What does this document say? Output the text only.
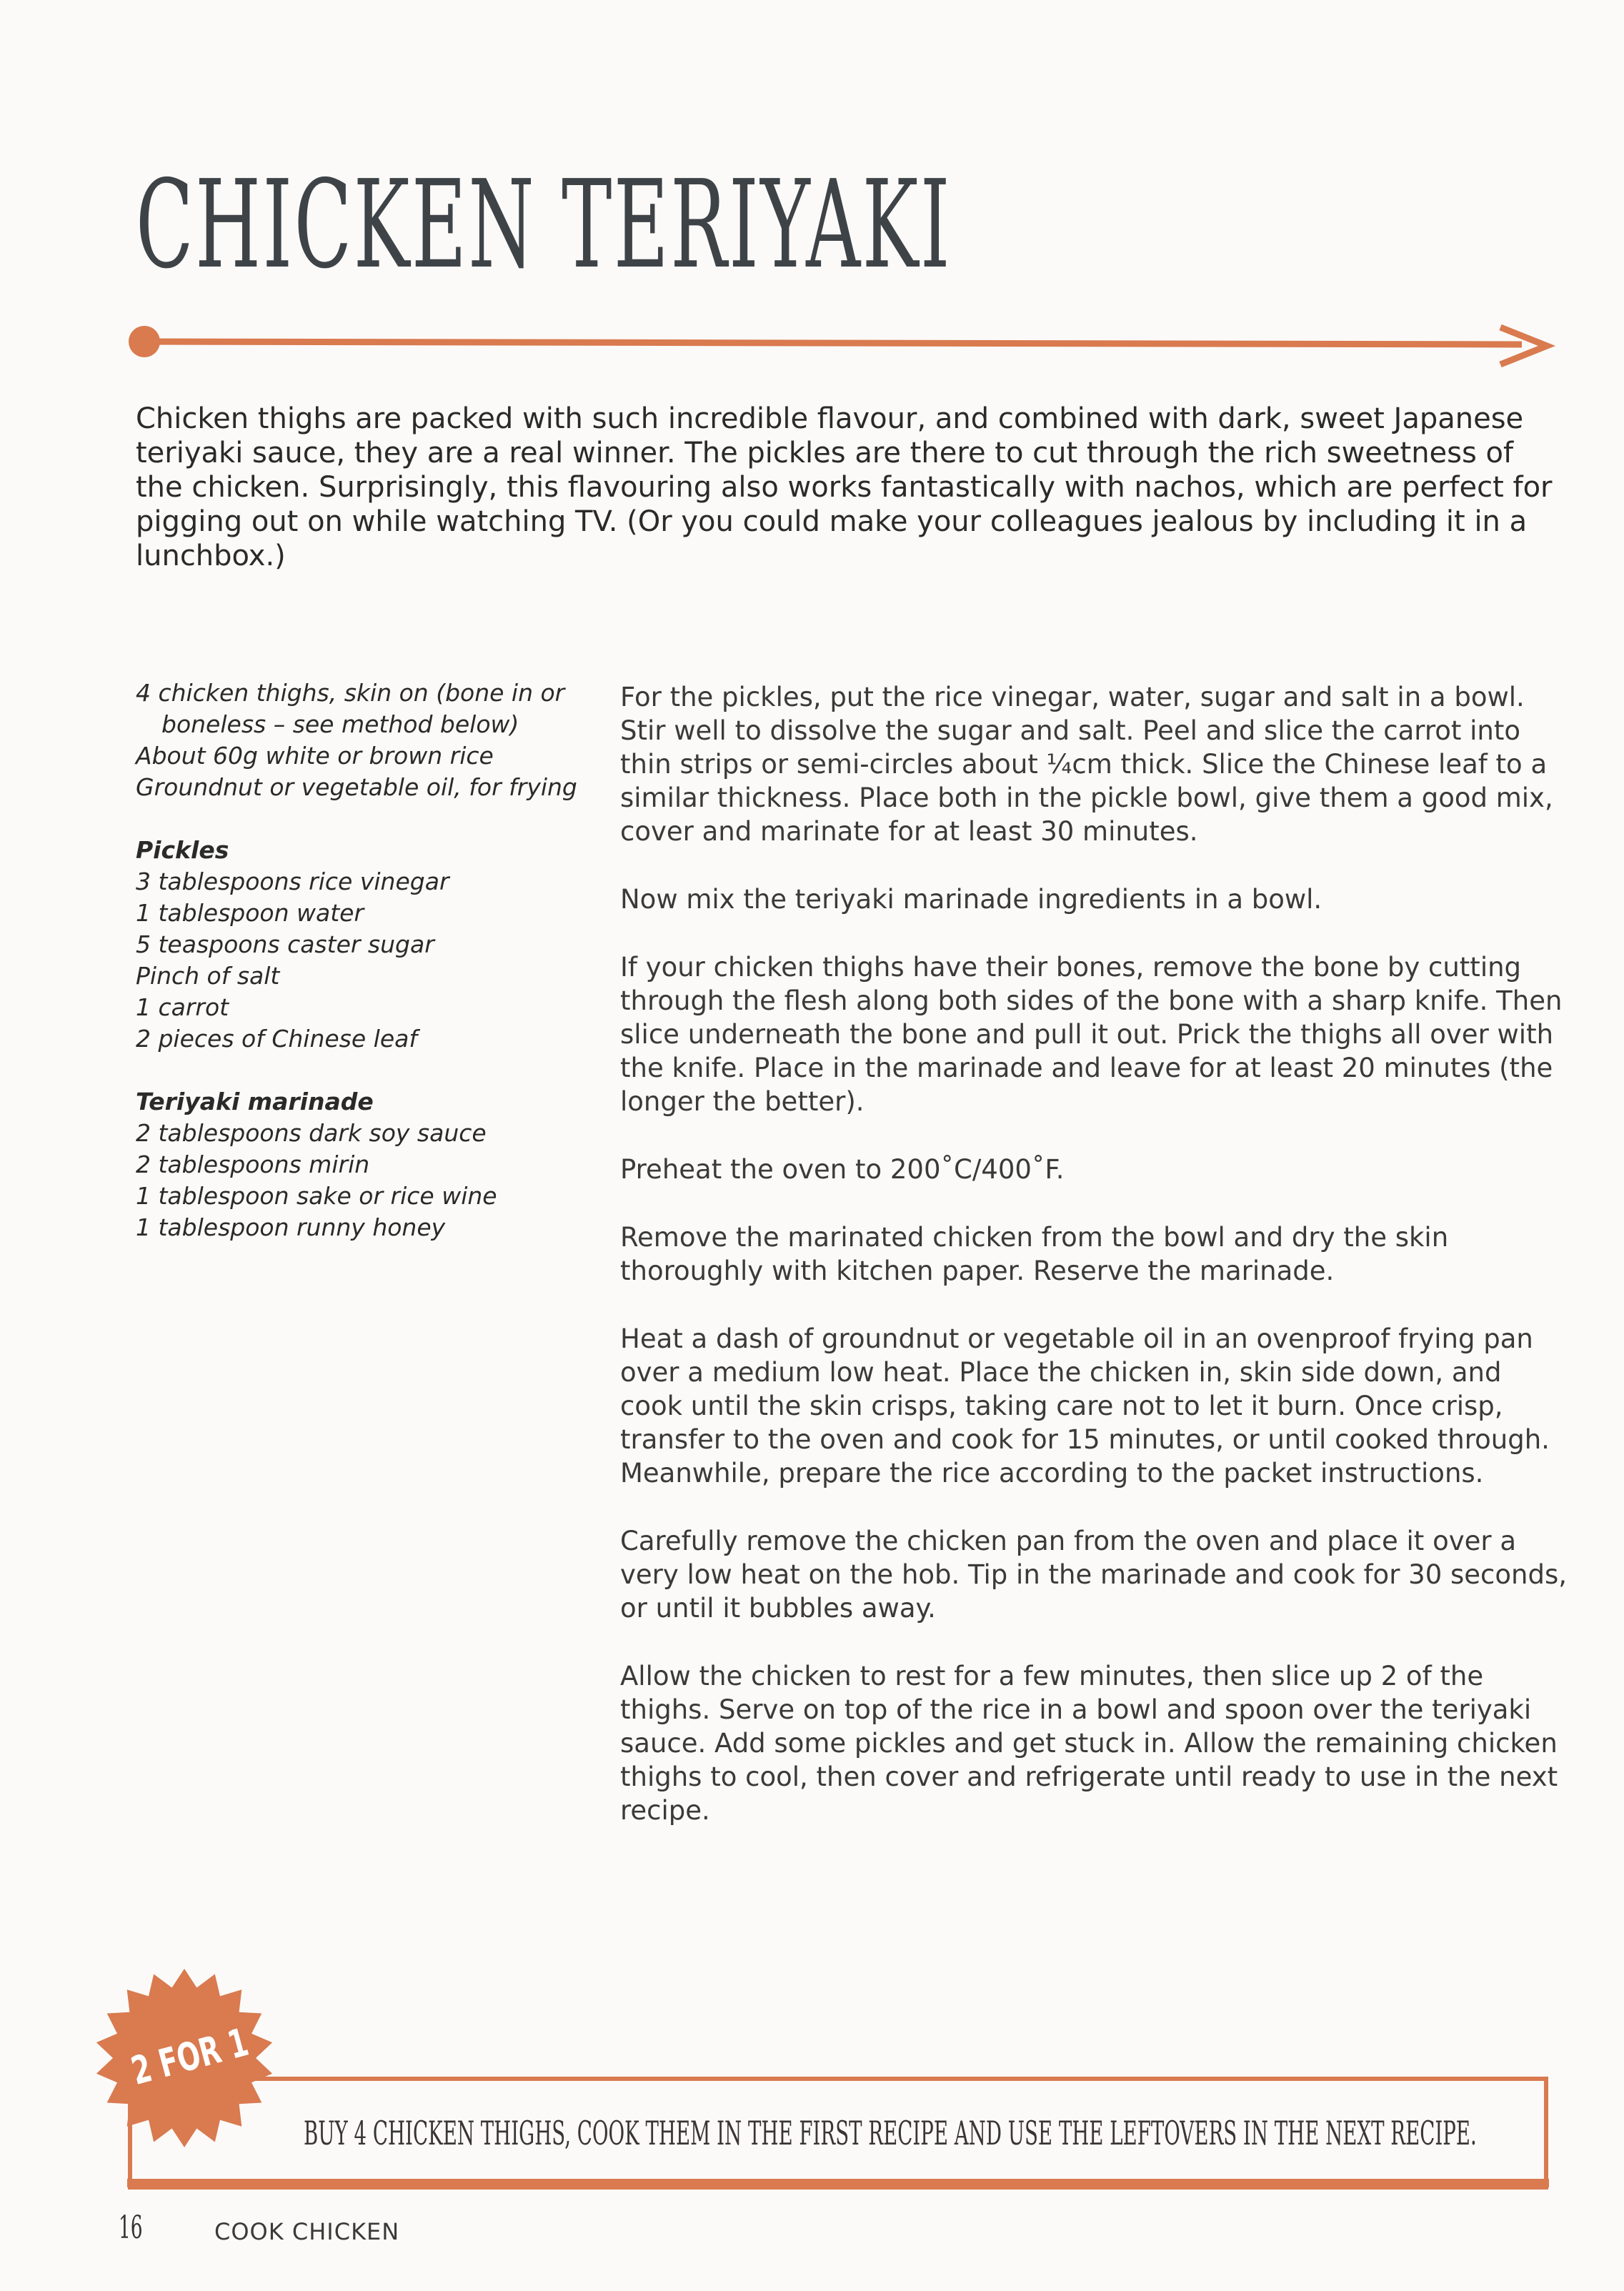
CHICKEN TERIYAKI
Chicken thighs are packed with such incredible flavour, and combined with dark, sweet Japanese teriyaki sauce, they are a real winner. The pickles are there to cut through the rich sweetness of the chicken. Surprisingly, this flavouring also works fantastically with nachos, which are perfect for pigging out on while watching TV. (Or you could make your colleagues jealous by including it in a lunchbox.)
4 chicken thighs, skin on (bone in or boneless – see method below)
About 60g white or brown rice
Groundnut or vegetable oil, for frying
Pickles
3 tablespoons rice vinegar
1 tablespoon water
5 teaspoons caster sugar
Pinch of salt
1 carrot
2 pieces of Chinese leaf
Teriyaki marinade
2 tablespoons dark soy sauce
2 tablespoons mirin
1 tablespoon sake or rice wine
1 tablespoon runny honey

For the pickles, put the rice vinegar, water, sugar and salt in a bowl. Stir well to dissolve the sugar and salt. Peel and slice the carrot into thin strips or semi-circles about ¼cm thick. Slice the Chinese leaf to a similar thickness. Place both in the pickle bowl, give them a good mix, cover and marinate for at least 30 minutes.

Now mix the teriyaki marinade ingredients in a bowl.

If your chicken thighs have their bones, remove the bone by cutting through the flesh along both sides of the bone with a sharp knife. Then slice underneath the bone and pull it out. Prick the thighs all over with the knife. Place in the marinade and leave for at least 20 minutes (the longer the better).

Preheat the oven to 200˚C/400˚F.

Remove the marinated chicken from the bowl and dry the skin thoroughly with kitchen paper. Reserve the marinade.

Heat a dash of groundnut or vegetable oil in an ovenproof frying pan over a medium low heat. Place the chicken in, skin side down, and cook until the skin crisps, taking care not to let it burn. Once crisp, transfer to the oven and cook for 15 minutes, or until cooked through. Meanwhile, prepare the rice according to the packet instructions.

Carefully remove the chicken pan from the oven and place it over a very low heat on the hob. Tip in the marinade and cook for 30 seconds, or until it bubbles away.

Allow the chicken to rest for a few minutes, then slice up 2 of the thighs. Serve on top of the rice in a bowl and spoon over the teriyaki sauce. Add some pickles and get stuck in. Allow the remaining chicken thighs to cool, then cover and refrigerate until ready to use in the next recipe.

BUY 4 CHICKEN THIGHS, COOK THEM IN THE FIRST RECIPE AND USE THE LEFTOVERS IN THE NEXT RECIPE.
2 FOR 1
16	COOK CHICKEN
